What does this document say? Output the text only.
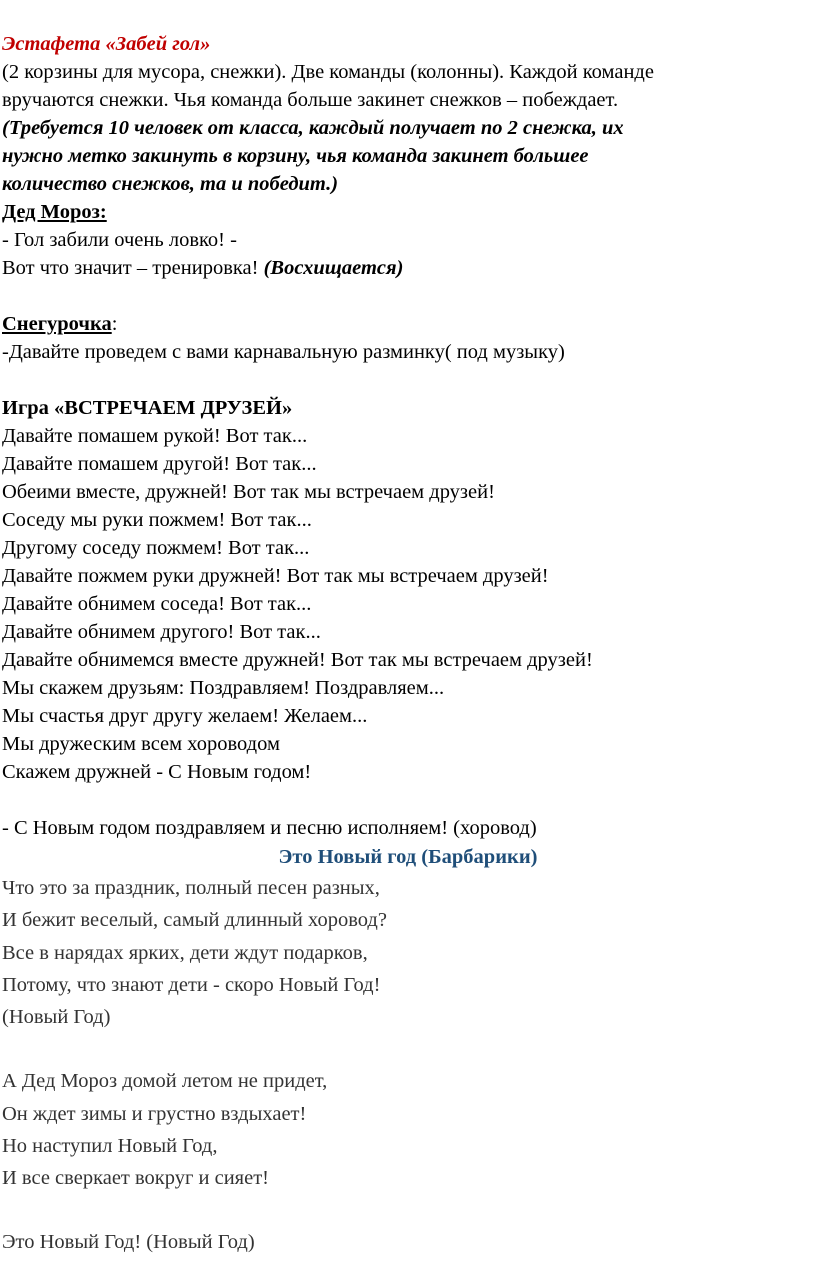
Эстафета «Забей гол»
(2 корзины для мусора, снежки). Две команды (колонны). Каждой команде
вручаются снежки. Чья команда больше закинет снежков – побеждает.
(Требуется 10 человек от класса, каждый получает по 2 снежка, их
нужно метко закинуть в корзину, чья команда закинет большее
количество снежков, та и победит.)
Дед Мороз:
- Гол забили очень ловко! -
Вот что значит – тренировка! (Восхищается)
Снегурочка:
-Давайте проведем с вами карнавальную разминку( под музыку)
Игра «ВСТРЕЧАЕМ ДРУЗЕЙ»
Давайте помашем рукой! Вот так...
Давайте помашем другой! Вот так...
Обеими вместе, дружней! Вот так мы встречаем друзей!
Соседу мы руки пожмем! Вот так...
Другому соседу пожмем! Вот так...
Давайте пожмем руки дружней! Вот так мы встречаем друзей!
Давайте обнимем соседа! Вот так...
Давайте обнимем другого! Вот так...
Давайте обнимемся вместе дружней! Вот так мы встречаем друзей!
Мы скажем друзьям: Поздравляем! Поздравляем...
Мы счастья друг другу желаем! Желаем...
Мы дружеским всем хороводом
Скажем дружней - С Новым годом!
- С Новым годом поздравляем и песню исполняем! (хоровод)
Это Новый год (Барбарики)
Что это за праздник, полный песен разных,
И бежит веселый, самый длинный хоровод?
Все в нарядах ярких, дети ждут подарков,
Потому, что знают дети - скоро Новый Год!
(Новый Год)
А Дед Мороз домой летом не придет,
Он ждет зимы и грустно вздыхает!
Но наступил Новый Год,
И все сверкает вокруг и сияет!
Это Новый Год! (Новый Год)
